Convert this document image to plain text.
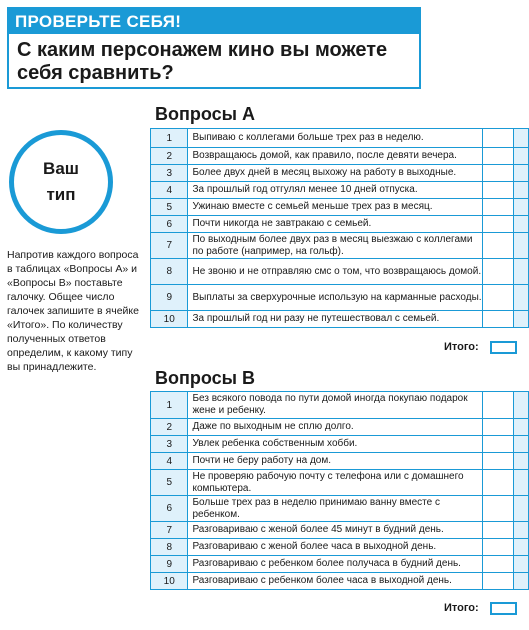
ПРОВЕРЬТЕ СЕБЯ!
С каким персонажем кино вы можете
себя сравнить?
Ваш
тип
Напротив каждого вопроса в таблицах «Вопросы А» и «Вопросы В» поставьте галочку. Общее число галочек запишите в ячейке «Итого». По количеству полученных ответов определим, к какому типу вы принадлежите.
Вопросы А
1	Выпиваю с коллегами больше трех раз в неделю.		
2	Возвращаюсь домой, как правило, после девяти вечера.		
3	Более двух дней в месяц выхожу на работу в выходные.		
4	За прошлый год отгулял менее 10 дней отпуска.		
5	Ужинаю вместе с семьей меньше трех раз в месяц.		
6	Почти никогда не завтракаю с семьей.		
7	По выходным более двух раз в месяц выезжаю с коллегами по работе (например, на гольф).		
8	Не звоню и не отправляю смс о том, что возвращаюсь домой.		
9	Выплаты за сверхурочные использую на карманные расходы.		
10	За прошлый год ни разу не путешествовал с семьей.		
Итого:
Вопросы В
1	Без всякого повода по пути домой иногда покупаю подарок жене и ребенку.		
2	Даже по выходным не сплю долго.		
3	Увлек ребенка собственным хобби.		
4	Почти не беру работу на дом.		
5	Не проверяю рабочую почту с телефона или с домашнего компьютера.		
6	Больше трех раз в неделю принимаю ванну вместе с ребенком.		
7	Разговариваю с женой более 45 минут в будний день.		
8	Разговариваю с женой более часа в выходной день.		
9	Разговариваю с ребенком более получаса в будний день.		
10	Разговариваю с ребенком более часа в выходной день.		
Итого:
